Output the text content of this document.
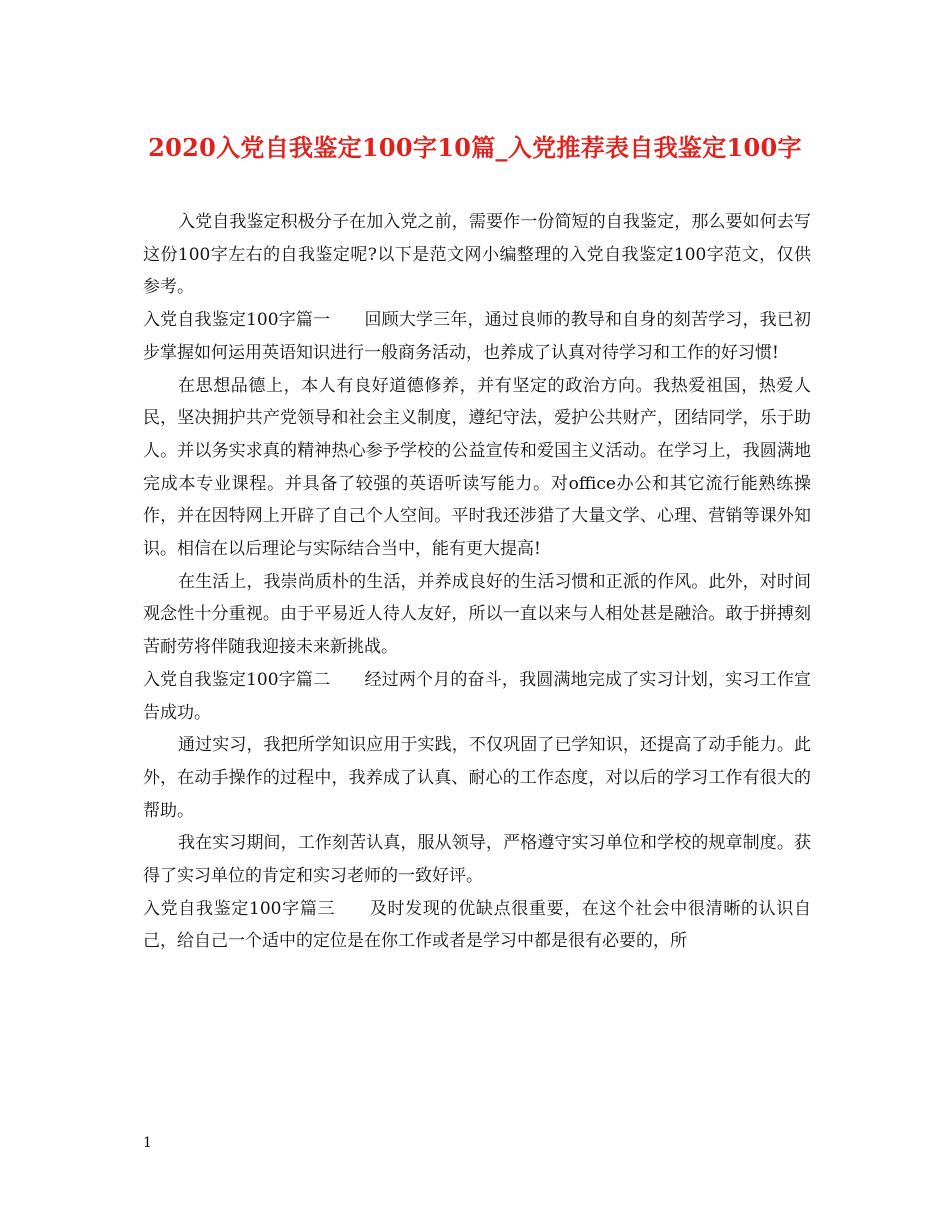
2020入党自我鉴定100字10篇_入党推荐表自我鉴定100字

入党自我鉴定积极分子在加入党之前，需要作一份简短的自我鉴定，那么要如何去写这份100字左右的自我鉴定呢?以下是范文网小编整理的入党自我鉴定100字范文，仅供参考。

入党自我鉴定100字篇一 回顾大学三年，通过良师的教导和自身的刻苦学习，我已初步掌握如何运用英语知识进行一般商务活动，也养成了认真对待学习和工作的好习惯!

在思想品德上，本人有良好道德修养，并有坚定的政治方向。我热爱祖国，热爱人民，坚决拥护共产党领导和社会主义制度，遵纪守法，爱护公共财产，团结同学，乐于助人。并以务实求真的精神热心参予学校的公益宣传和爱国主义活动。在学习上，我圆满地完成本专业课程。并具备了较强的英语听读写能力。对office办公和其它流行能熟练操作，并在因特网上开辟了自己个人空间。平时我还涉猎了大量文学、心理、营销等课外知识。相信在以后理论与实际结合当中，能有更大提高!

在生活上，我崇尚质朴的生活，并养成良好的生活习惯和正派的作风。此外，对时间观念性十分重视。由于平易近人待人友好，所以一直以来与人相处甚是融洽。敢于拼搏刻苦耐劳将伴随我迎接未来新挑战。

入党自我鉴定100字篇二 经过两个月的奋斗，我圆满地完成了实习计划，实习工作宣告成功。

通过实习，我把所学知识应用于实践，不仅巩固了已学知识，还提高了动手能力。此外，在动手操作的过程中，我养成了认真、耐心的工作态度，对以后的学习工作有很大的帮助。

我在实习期间，工作刻苦认真，服从领导，严格遵守实习单位和学校的规章制度。获得了实习单位的肯定和实习老师的一致好评。

入党自我鉴定100字篇三 及时发现的优缺点很重要，在这个社会中很清晰的认识自己，给自己一个适中的定位是在你工作或者是学习中都是很有必要的，所

1
